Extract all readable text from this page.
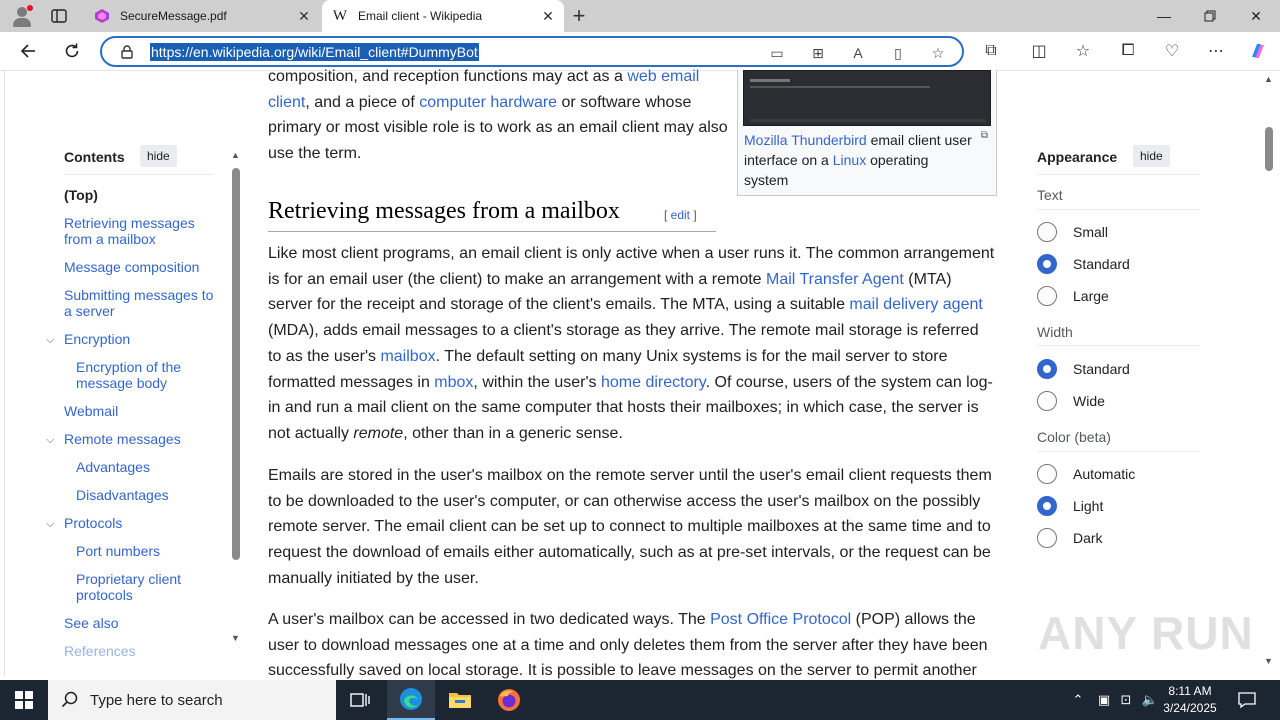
SecureMessage.pdf	✕	W Email client - Wikipedia	✕ +	—	✕
https://en.wikipedia.org/wiki/Email_client#DummyBot	▭ ⊞	A	▯	☆	⧉ ◫ ☆ ⧠ ♡ ⋯
Contents	hide
(Top)
Retrieving messages from a mailbox
Message composition
Submitting messages to a server
⌵ Encryption
Encryption of the message body
Webmail
⌵ Remote messages
Advantages
Disadvantages
⌵ Protocols
Port numbers
Proprietary client protocols
See also
References
▲
▼
composition, and reception functions may act as a web email
client, and a piece of computer hardware or software whose
primary or most visible role is to work as an email client may also
use the term.
Retrieving messages from a mailbox	[ edit ]
Like most client programs, an email client is only active when a user runs it. The common arrangement is for an email user (the client) to make an arrangement with a remote Mail Transfer Agent (MTA) server for the receipt and storage of the client's emails. The MTA, using a suitable mail delivery agent (MDA), adds email messages to a client's storage as they arrive. The remote mail storage is referred to as the user's mailbox. The default setting on many Unix systems is for the mail server to store formatted messages in mbox, within the user's home directory. Of course, users of the system can log-in and run a mail client on the same computer that hosts their mailboxes; in which case, the server is not actually remote, other than in a generic sense.
Emails are stored in the user's mailbox on the remote server until the user's email client requests them to be downloaded to the user's computer, or can otherwise access the user's mailbox on the possibly remote server. The email client can be set up to connect to multiple mailboxes at the same time and to request the download of emails either automatically, such as at pre-set intervals, or the request can be manually initiated by the user.
A user's mailbox can be accessed in two dedicated ways. The Post Office Protocol (POP) allows the user to download messages one at a time and only deletes them from the server after they have been successfully saved on local storage. It is possible to leave messages on the server to permit another
⧉
Mozilla Thunderbird email client user interface on a Linux operating system
Appearance	hide
Text
Small
Standard
Large
Width
Standard
Wide
Color (beta)
Automatic
Light
Dark
▲
▼
ANY RUN
Type here to search	⌃	▣ ⊡ 🔈
8:11 AM
3/24/2025
